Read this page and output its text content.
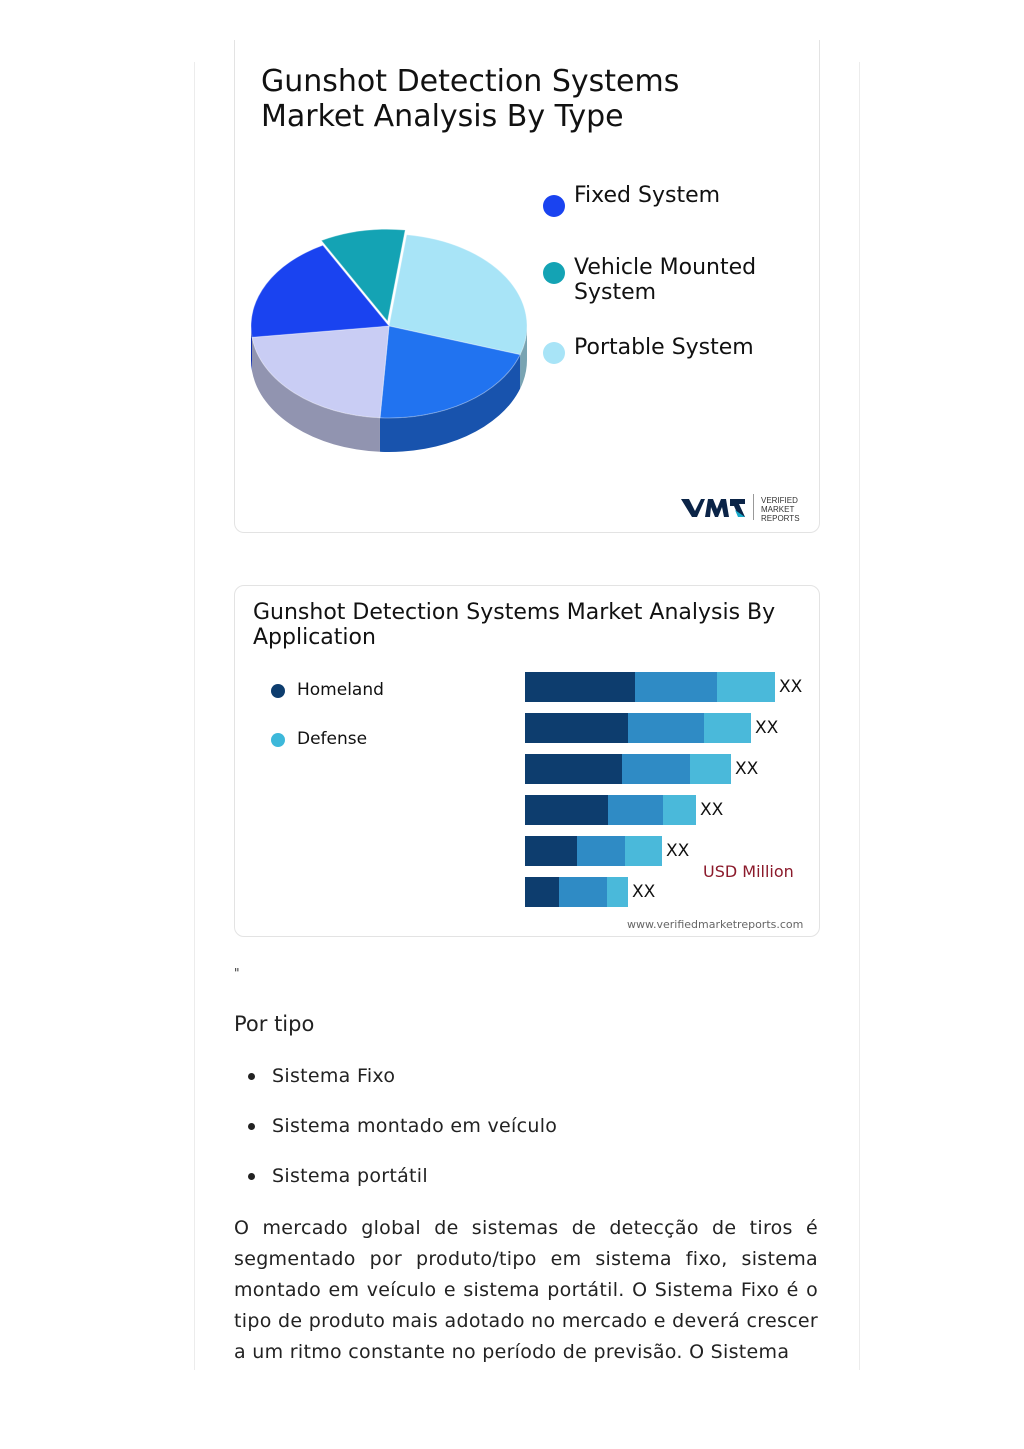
Gunshot Detection Systems Market Analysis By Type
Fixed System
Vehicle Mounted System
Portable System
VERIFIED
MARKET
REPORTS
Gunshot Detection Systems Market Analysis By Application
Homeland
Defense
XX
XX
XX
XX
XX
XX
USD Million
www.verifiedmarketreports.com
"
Por tipo
Sistema Fixo
Sistema montado em veículo
Sistema portátil

O mercado global de sistemas de detecção de tiros é segmentado por produto/tipo em sistema fixo, sistema montado em veículo e sistema portátil. O Sistema Fixo é o tipo de produto mais adotado no mercado e deverá crescer a um ritmo constante no período de previsão. O Sistema
